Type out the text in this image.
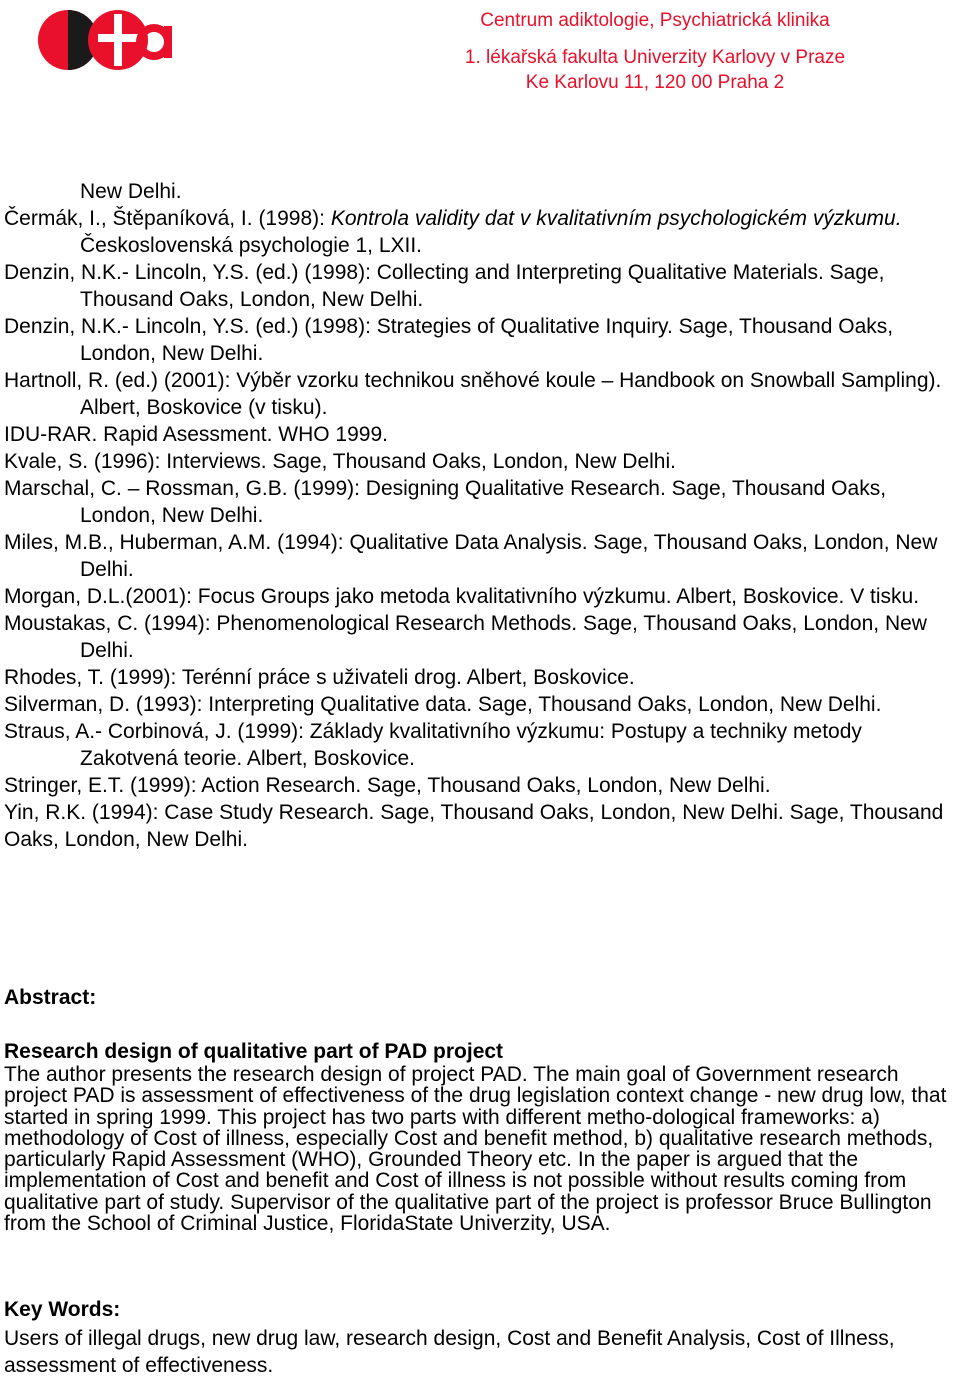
Centrum adiktologie, Psychiatrická klinika
1. lékařská fakulta Univerzity Karlovy v Praze
Ke Karlovu 11, 120 00 Praha 2
New Delhi.
Čermák, I., Štěpaníková, I. (1998): Kontrola validity dat v kvalitativním psychologickém výzkumu. Československá psychologie 1, LXII.
Denzin, N.K.- Lincoln, Y.S. (ed.) (1998): Collecting and Interpreting Qualitative Materials. Sage, Thousand Oaks, London, New Delhi.
Denzin, N.K.- Lincoln, Y.S. (ed.) (1998): Strategies of Qualitative Inquiry. Sage, Thousand Oaks, London, New Delhi.
Hartnoll, R. (ed.) (2001): Výběr vzorku technikou sněhové koule – Handbook on Snowball Sampling). Albert, Boskovice (v tisku).
IDU-RAR. Rapid Asessment. WHO 1999.
Kvale, S. (1996): Interviews. Sage, Thousand Oaks, London, New Delhi.
Marschal, C. – Rossman, G.B. (1999): Designing Qualitative Research. Sage, Thousand Oaks, London, New Delhi.
Miles, M.B., Huberman, A.M. (1994): Qualitative Data Analysis. Sage, Thousand Oaks, London, New Delhi.
Morgan, D.L.(2001): Focus Groups jako metoda kvalitativního výzkumu. Albert, Boskovice. V tisku.
Moustakas, C. (1994): Phenomenological Research Methods. Sage, Thousand Oaks, London, New Delhi.
Rhodes, T. (1999): Terénní práce s uživateli drog. Albert, Boskovice.
Silverman, D. (1993): Interpreting Qualitative data. Sage, Thousand Oaks, London, New Delhi.
Straus, A.- Corbinová, J. (1999): Základy kvalitativního výzkumu: Postupy a techniky metody Zakotvená teorie. Albert, Boskovice.
Stringer, E.T. (1999): Action Research. Sage, Thousand Oaks, London, New Delhi.
Yin, R.K. (1994): Case Study Research. Sage, Thousand Oaks, London, New Delhi. Sage, Thousand Oaks, London, New Delhi.
Abstract:
Research design of qualitative part of PAD project
The author presents the research design of project PAD. The main goal of Government research project PAD is assessment of effectiveness of the drug legislation context change - new drug low, that started in spring 1999. This project has two parts with different metho-dological frameworks: a) methodology of Cost of illness, especially Cost and benefit method, b) qualitative research methods, particularly Rapid Assessment (WHO), Grounded Theory etc. In the paper is argued that the implementation of Cost and benefit and Cost of illness is not possible without results coming from qualitative part of study. Supervisor of the qualitative part of the project is professor Bruce Bullington from the School of Criminal Justice, FloridaState Univerzity, USA.
Key Words:
Users of illegal drugs, new drug law, research design, Cost and Benefit Analysis, Cost of Illness, assessment of effectiveness.
